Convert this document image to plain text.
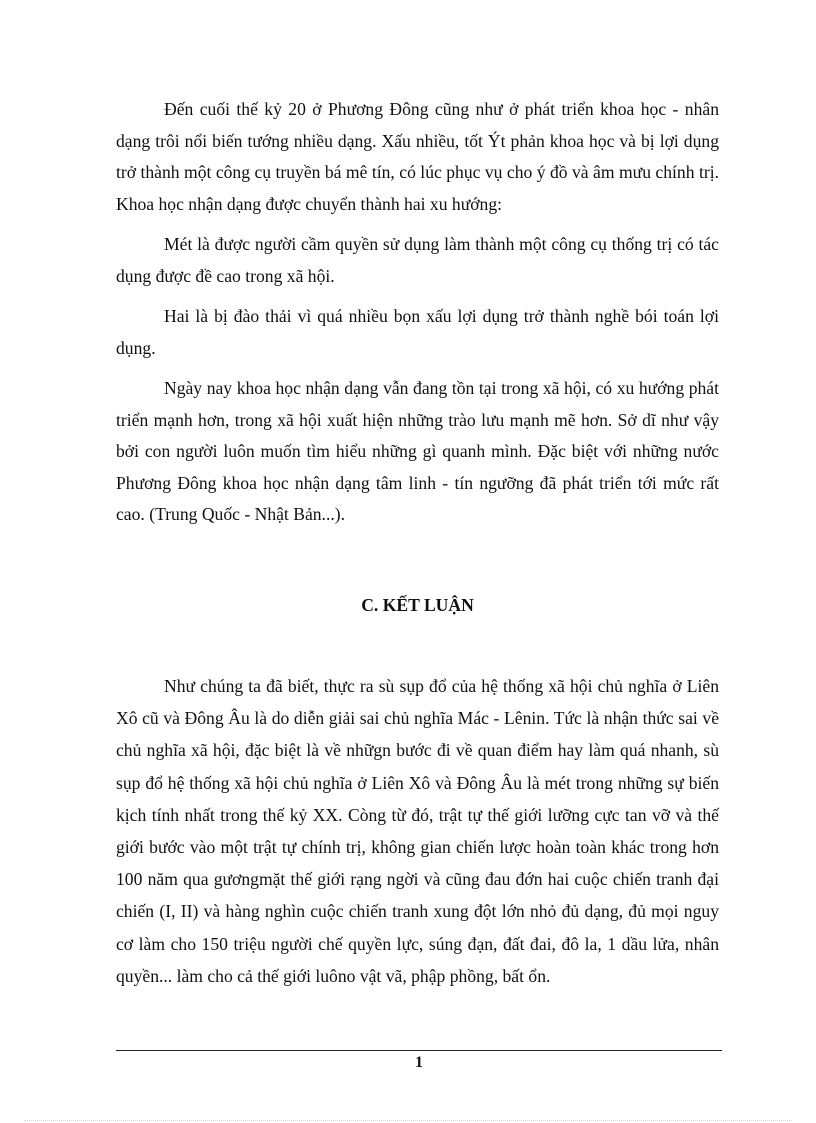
Đến cuối thế kỷ 20 ở Phương Đông cũng như ở phát triển khoa học - nhân dạng trôi nổi biến tướng nhiều dạng. Xấu nhiều, tốt Ýt phản khoa học và bị lợi dụng trở thành một công cụ truyền bá mê tín, có lúc phục vụ cho ý đồ và âm mưu chính trị. Khoa học nhận dạng được chuyển thành hai xu hướng:

Mét là được người cầm quyền sử dụng làm thành một công cụ thống trị có tác dụng được đề cao trong xã hội.

Hai là bị đào thải vì quá nhiều bọn xấu lợi dụng trở thành nghề bói toán lợi dụng.

Ngày nay khoa học nhận dạng vẫn đang tồn tại trong xã hội, có xu hướng phát triển mạnh hơn, trong xã hội xuất hiện những trào lưu mạnh mẽ hơn. Sở dĩ như vậy bởi con người luôn muốn tìm hiểu những gì quanh mình. Đặc biệt với những nước Phương Đông khoa học nhận dạng tâm linh - tín ngưỡng đã phát triển tới mức rất cao. (Trung Quốc - Nhật Bản...).

C. KẾT LUẬN

Như chúng ta đã biết, thực ra sù sụp đổ của hệ thống xã hội chủ nghĩa ở Liên Xô cũ và Đông Âu là do diễn giải sai chủ nghĩa Mác - Lênin. Tức là nhận thức sai về chủ nghĩa xã hội, đặc biệt là về nhữgn bước đi về quan điểm hay làm quá nhanh, sù sụp đổ hệ thống xã hội chủ nghĩa ở Liên Xô và Đông Âu là mét trong những sự biến kịch tính nhất trong thế kỷ XX. Còng từ đó, trật tự thế giới lưỡng cực tan vỡ và thế giới bước vào một trật tự chính trị, không gian chiến lược hoàn toàn khác trong hơn 100 năm qua gươngmặt thế giới rạng ngời và cũng đau đớn hai cuộc chiến tranh đại chiến (I, II) và hàng nghìn cuộc chiến tranh xung đột lớn nhỏ đủ dạng, đủ mọi nguy cơ làm cho 150 triệu người chế quyền lực, súng đạn, đất đai, đô la, 1 dầu lửa, nhân quyền... làm cho cả thế giới luônо vật vã, phập phồng, bất ổn.

1
